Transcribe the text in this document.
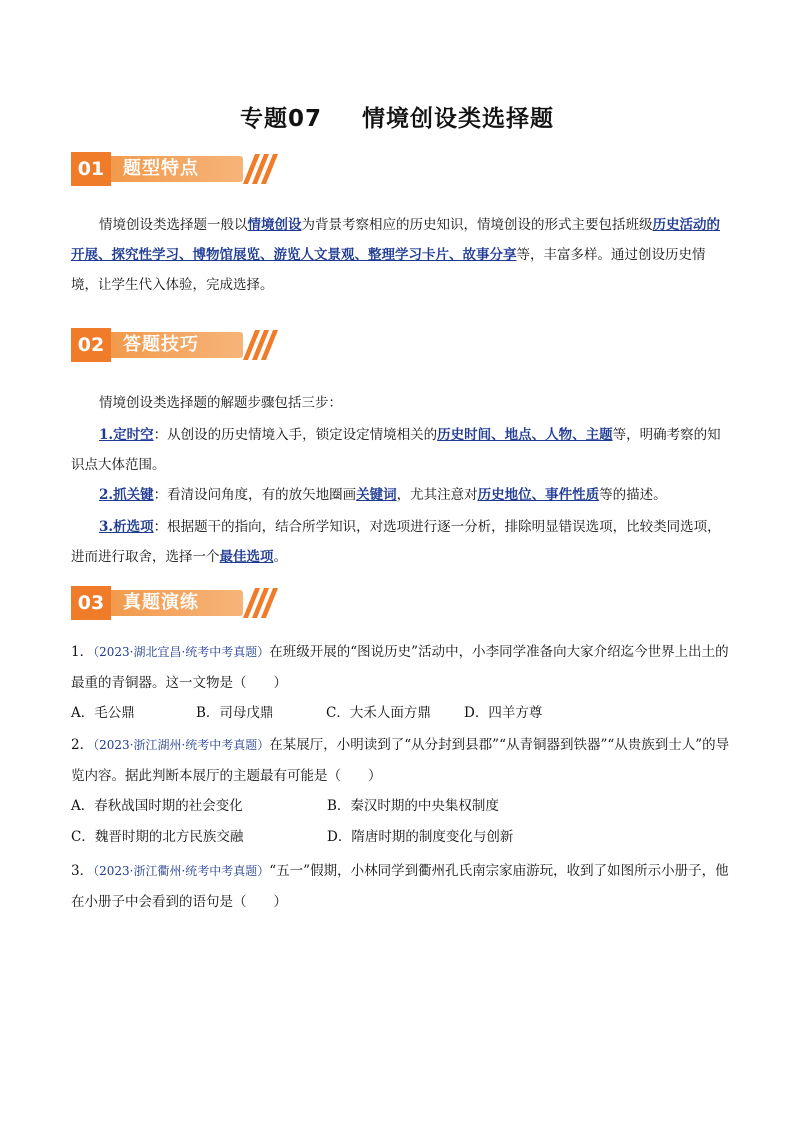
专题07 情境创设类选择题
01	题型特点
情境创设类选择题一般以情境创设为背景考察相应的历史知识，情境创设的形式主要包括班级历史活动的开展、探究性学习、博物馆展览、游览人文景观、整理学习卡片、故事分享等，丰富多样。通过创设历史情境，让学生代入体验，完成选择。
02	答题技巧
情境创设类选择题的解题步骤包括三步：
1.定时空：从创设的历史情境入手，锁定设定情境相关的历史时间、地点、人物、主题等，明确考察的知识点大体范围。
2.抓关键：看清设问角度，有的放矢地圈画关键词，尤其注意对历史地位、事件性质等的描述。
3.析选项：根据题干的指向，结合所学知识，对选项进行逐一分析，排除明显错误选项，比较类同选项，进而进行取舍，选择一个最佳选项。
03	真题演练
1．（2023·湖北宜昌·统考中考真题）在班级开展的“图说历史”活动中，小李同学准备向大家介绍迄今世界上出土的最重的青铜器。这一文物是（　　）
A．毛公鼎	B．司母戊鼎	C．大禾人面方鼎 D．四羊方尊
2．（2023·浙江湖州·统考中考真题）在某展厅，小明读到了“从分封到县郡”“从青铜器到铁器”“从贵族到士人”的导览内容。据此判断本展厅的主题最有可能是（　　）
A．春秋战国时期的社会变化	B．秦汉时期的中央集权制度
C．魏晋时期的北方民族交融	D．隋唐时期的制度变化与创新
3．（2023·浙江衢州·统考中考真题）“五一”假期，小林同学到衢州孔氏南宗家庙游玩，收到了如图所示小册子，他在小册子中会看到的语句是（　　）
